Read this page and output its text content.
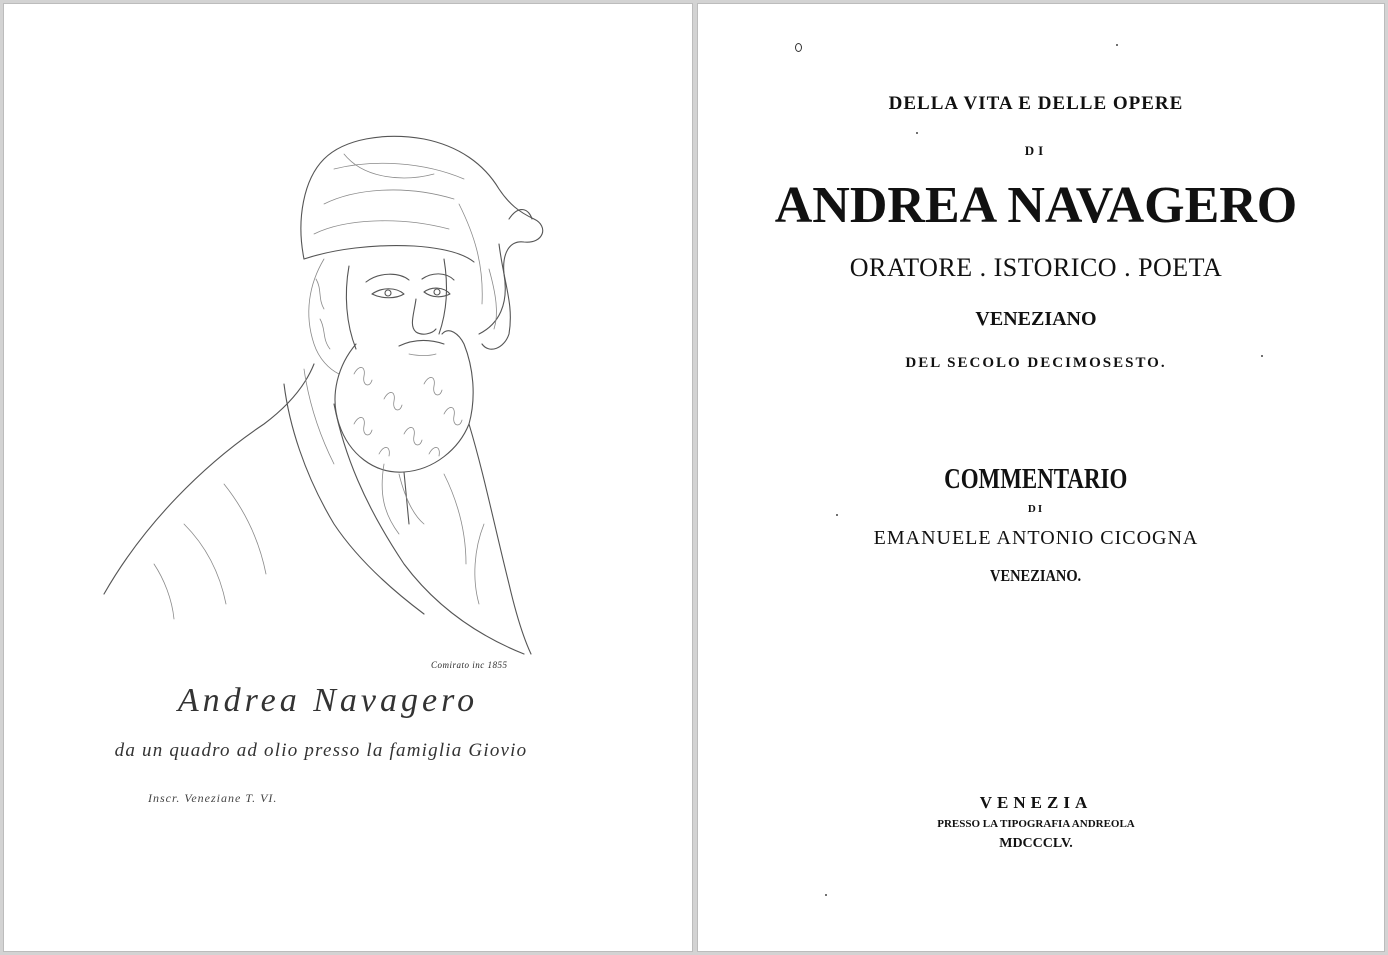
Comirato inc 1855
Andrea Navagero
da un quadro ad olio presso la famiglia Giovio
Inscr. Veneziane T. VI.
DELLA VITA E DELLE OPERE
DI
ANDREA NAVAGERO
ORATORE . ISTORICO . POETA
VENEZIANO
DEL SECOLO DECIMOSESTO.
COMMENTARIO
DI
EMANUELE ANTONIO CICOGNA
VENEZIANO.
VENEZIA
PRESSO LA TIPOGRAFIA ANDREOLA
MDCCCLV.
